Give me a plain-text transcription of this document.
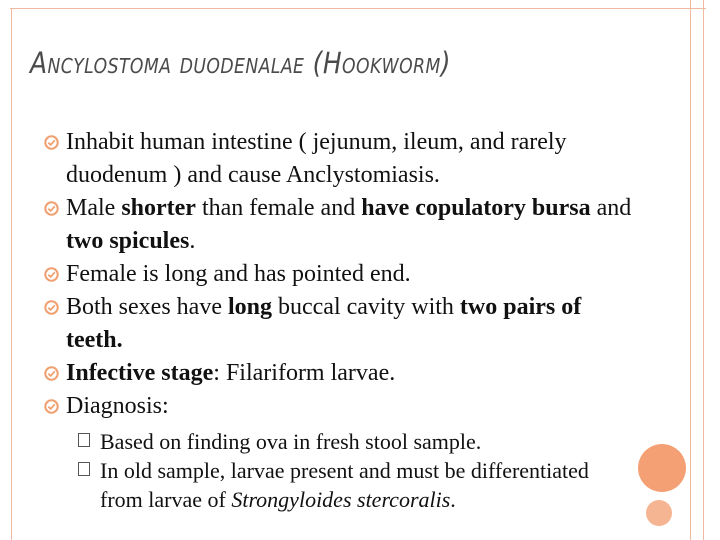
Ancylostoma duodenalae (Hookworm)
Inhabit human intestine ( jejunum, ileum, and rarely duodenum ) and cause Anclystomiasis.
Male shorter than female and have copulatory bursa and two spicules.
Female is long and has pointed end.
Both sexes have long buccal cavity with two pairs of teeth.
Infective stage: Filariform larvae.
Diagnosis:
Based on finding ova in fresh stool sample.
In old sample, larvae present and must be differentiated from larvae of Strongyloides stercoralis.
